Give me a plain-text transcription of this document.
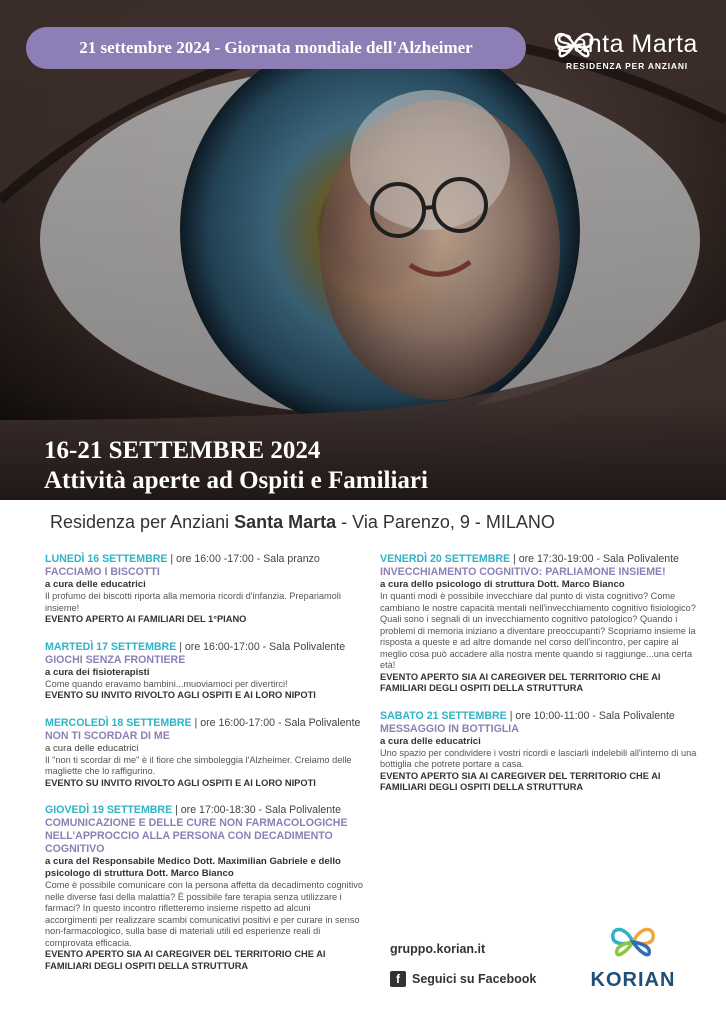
21 settembre 2024 - Giornata mondiale dell'Alzheimer	Santa Marta
RESIDENZA PER ANZIANI
16-21 SETTEMBRE 2024
Attività aperte ad Ospiti e Familiari
Residenza per Anziani Santa Marta - Via Parenzo, 9 - MILANO
LUNEDÌ 16 SETTEMBRE | ore 16:00 -17:00 - Sala pranzo
FACCIAMO I BISCOTTI
a cura delle educatrici
Il profumo dei biscotti riporta alla memoria ricordi d'infanzia. Prepariamoli insieme!
EVENTO APERTO AI FAMILIARI DEL 1°PIANO
MARTEDÌ 17 SETTEMBRE | ore 16:00-17:00 - Sala Polivalente
GIOCHI SENZA FRONTIERE
a cura dei fisioterapisti
Come quando eravamo bambini...muoviamoci per divertirci!
EVENTO SU INVITO RIVOLTO AGLI OSPITI E AI LORO NIPOTI
MERCOLEDÌ 18 SETTEMBRE | ore 16:00-17:00 - Sala Polivalente NON TI SCORDAR DI ME
a cura delle educatrici
Il "non ti scordar di me" è il fiore che simboleggia l'Alzheimer. Creiamo delle magliette che lo raffigurino.
EVENTO SU INVITO RIVOLTO AGLI OSPITI E AI LORO NIPOTI
GIOVEDÌ 19 SETTEMBRE | ore 17:00-18:30 - Sala Polivalente
COMUNICAZIONE E DELLE CURE NON FARMACOLOGICHE NELL'APPROCCIO ALLA PERSONA CON DECADIMENTO COGNITIVO
a cura del Responsabile Medico Dott. Maximilian Gabriele e dello psicologo di struttura Dott. Marco Bianco
Come è possibile comunicare con la persona affetta da decadimento cognitivo nelle diverse fasi della malattia? È possibile fare terapia senza utilizzare i farmaci? In questo incontro rifletteremo insieme rispetto ad alcuni accorgimenti per realizzare scambi comunicativi positivi e per curare in senso non-farmacologico, sulla base di materiali utili ed esperienze reali di comprovata efficacia.
EVENTO APERTO SIA AI CAREGIVER DEL TERRITORIO CHE AI FAMILIARI DEGLI OSPITI DELLA STRUTTURA
VENERDÌ 20 SETTEMBRE | ore 17:30-19:00 - Sala Polivalente
INVECCHIAMENTO COGNITIVO: PARLIAMONE INSIEME!
a cura dello psicologo di struttura Dott. Marco Bianco
In quanti modi è possibile invecchiare dal punto di vista cognitivo? Come cambiano le nostre capacità mentali nell'invecchiamento cognitivo fisiologico? Quali sono i segnali di un invecchiamento cognitivo patologico? Quando i problemi di memoria iniziano a diventare preoccupanti? Scopriamo insieme la risposta a queste e ad altre domande nel corso dell'incontro, per capire al meglio cosa può accadere alla nostra mente quando si raggiunge...una certa età!
EVENTO APERTO SIA AI CAREGIVER DEL TERRITORIO CHE AI FAMILIARI DEGLI OSPITI DELLA STRUTTURA
SABATO 21 SETTEMBRE | ore 10:00-11:00 - Sala Polivalente
MESSAGGIO IN BOTTIGLIA
a cura delle educatrici
Uno spazio per condividere i vostri ricordi e lasciarli indelebili all'interno di una bottiglia che potrete portare a casa.
EVENTO APERTO SIA AI CAREGIVER DEL TERRITORIO CHE AI FAMILIARI DEGLI OSPITI DELLA STRUTTURA
gruppo.korian.it
f Seguici su Facebook	KORIAN
